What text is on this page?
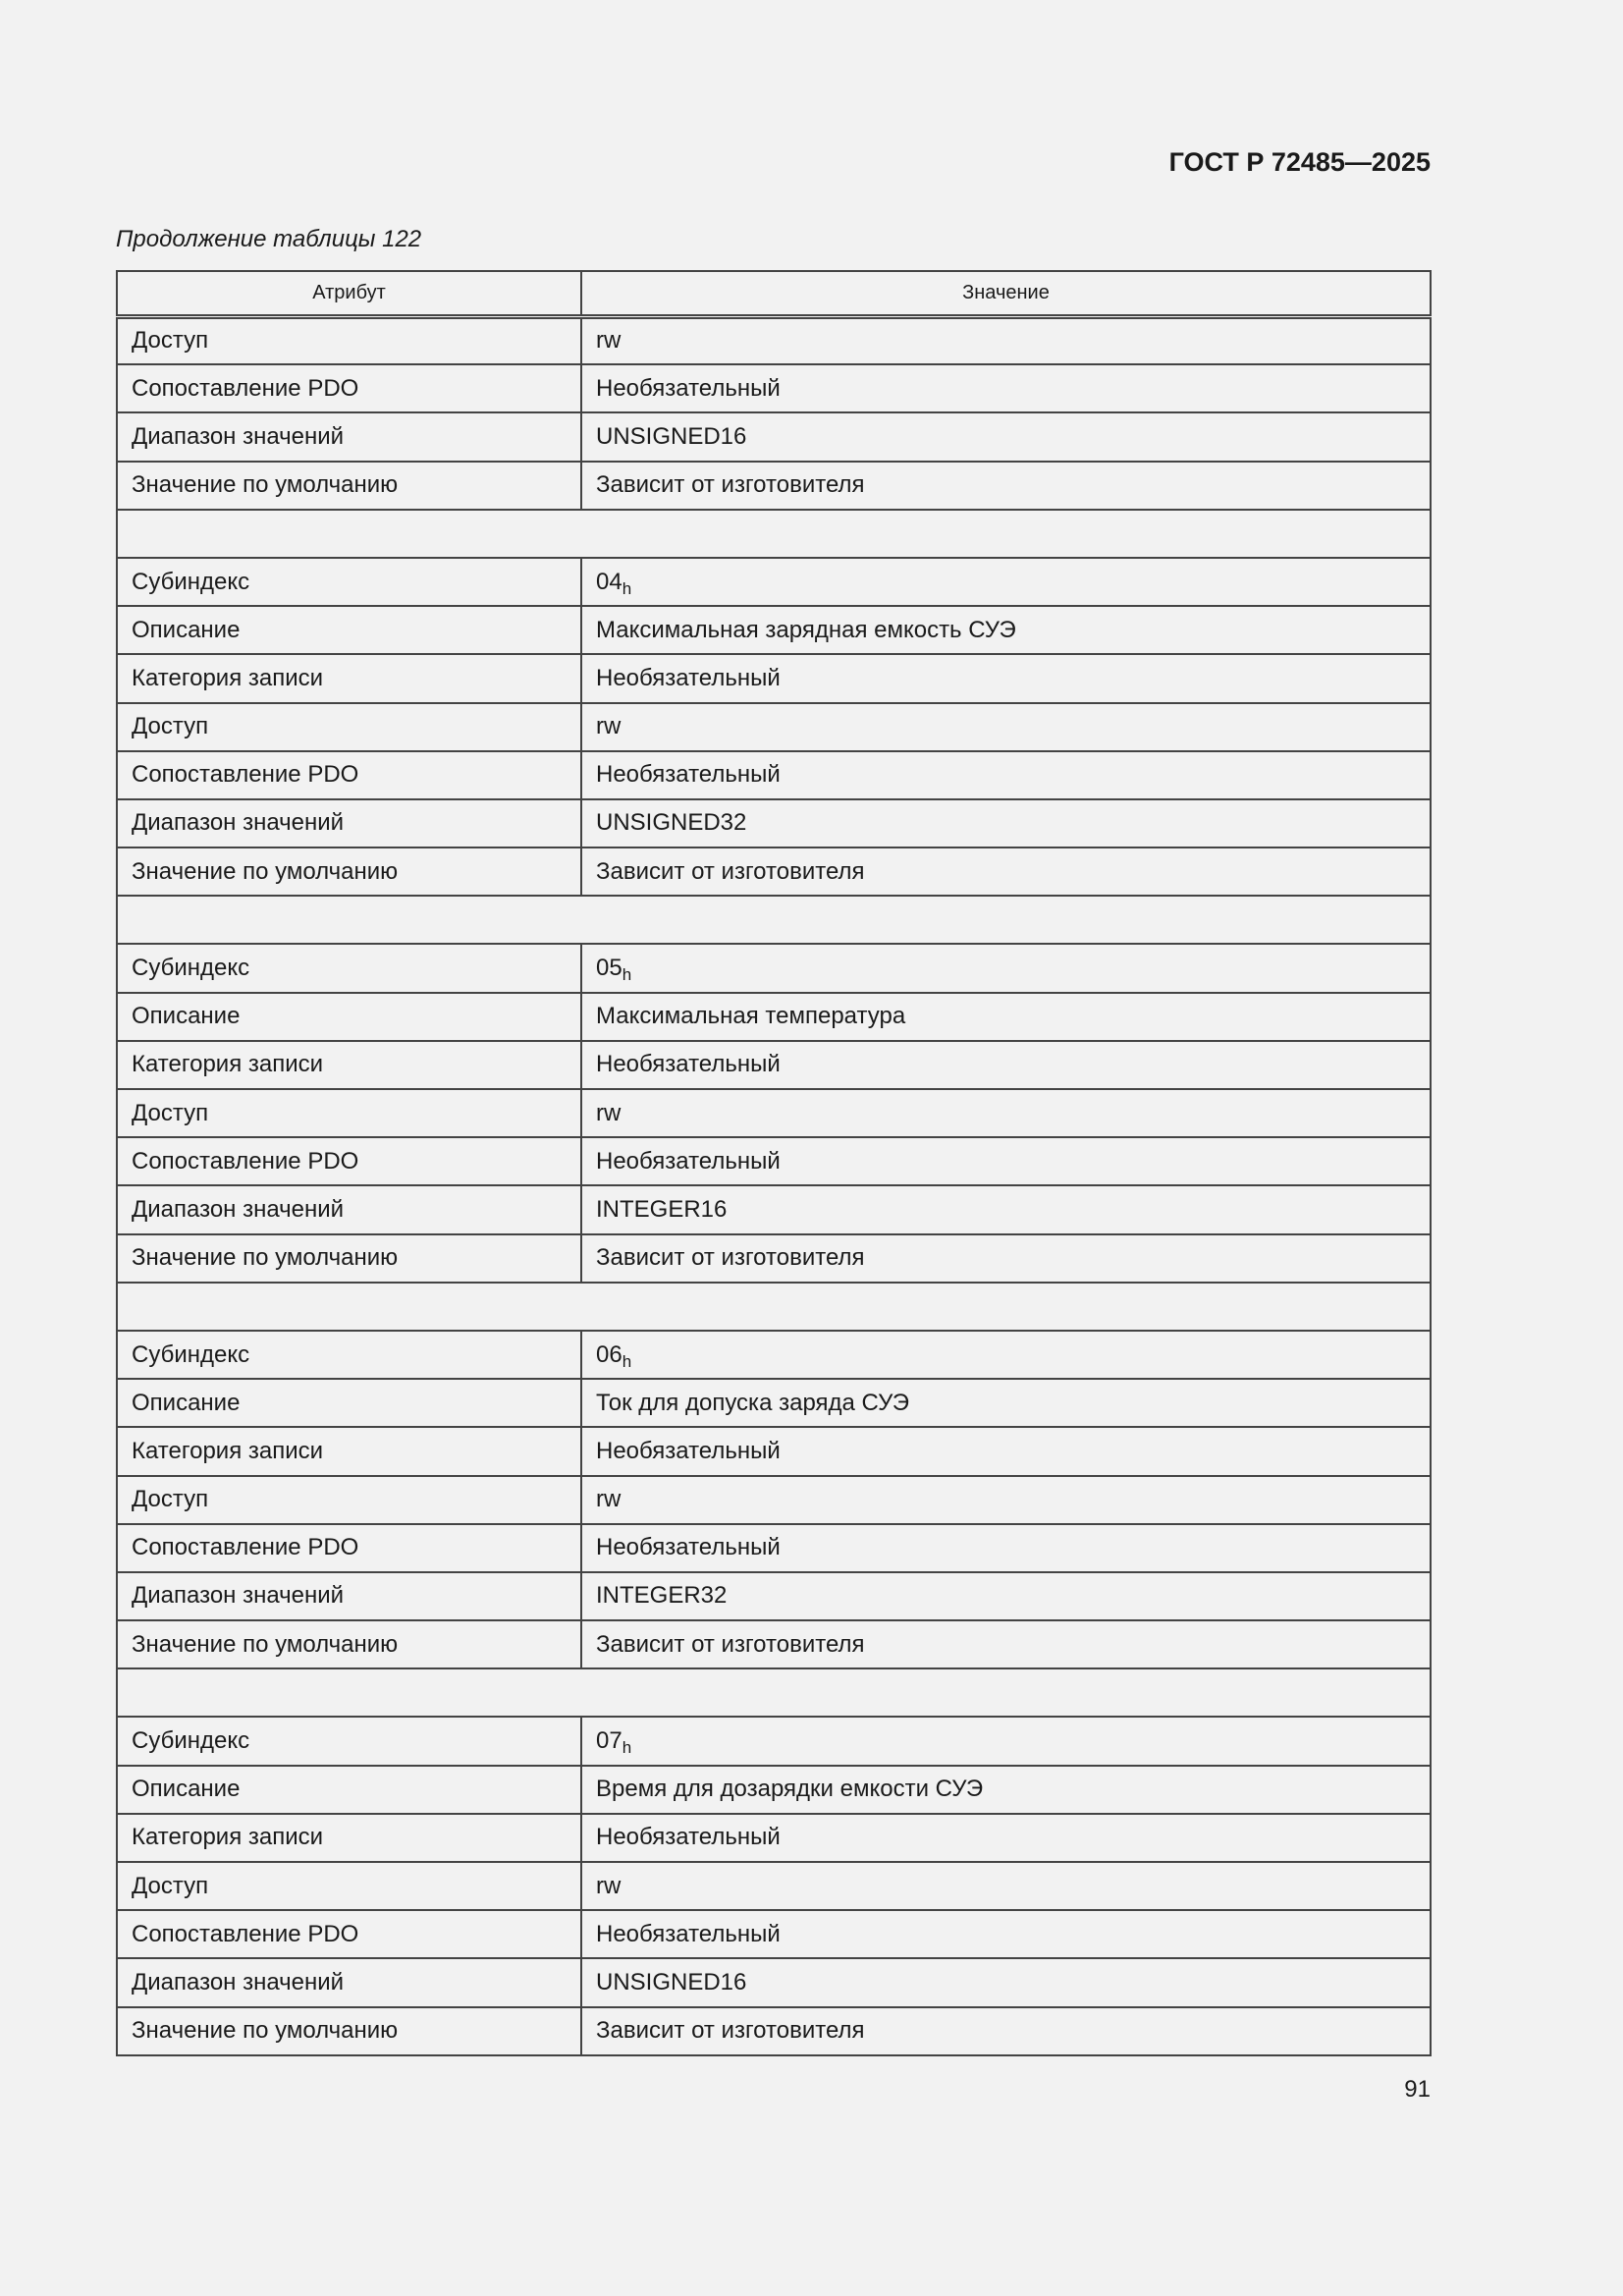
ГОСТ Р 72485—2025

Продолжение таблицы 122

Атрибут	Значение
Доступ	rw
Сопоставление PDO	Необязательный
Диапазон значений	UNSIGNED16
Значение по умолчанию	Зависит от изготовителя

Субиндекс	$04_h$
Описание	Максимальная зарядная емкость СУЭ
Категория записи	Необязательный
Доступ	rw
Сопоставление PDO	Необязательный
Диапазон значений	UNSIGNED32
Значение по умолчанию	Зависит от изготовителя

Субиндекс	$05_h$
Описание	Максимальная температура
Категория записи	Необязательный
Доступ	rw
Сопоставление PDO	Необязательный
Диапазон значений	INTEGER16
Значение по умолчанию	Зависит от изготовителя

Субиндекс	$06_h$
Описание	Ток для допуска заряда СУЭ
Категория записи	Необязательный
Доступ	rw
Сопоставление PDO	Необязательный
Диапазон значений	INTEGER32
Значение по умолчанию	Зависит от изготовителя

Субиндекс	$07_h$
Описание	Время для дозарядки емкости СУЭ
Категория записи	Необязательный
Доступ	rw
Сопоставление PDO	Необязательный
Диапазон значений	UNSIGNED16
Значение по умолчанию	Зависит от изготовителя

91
